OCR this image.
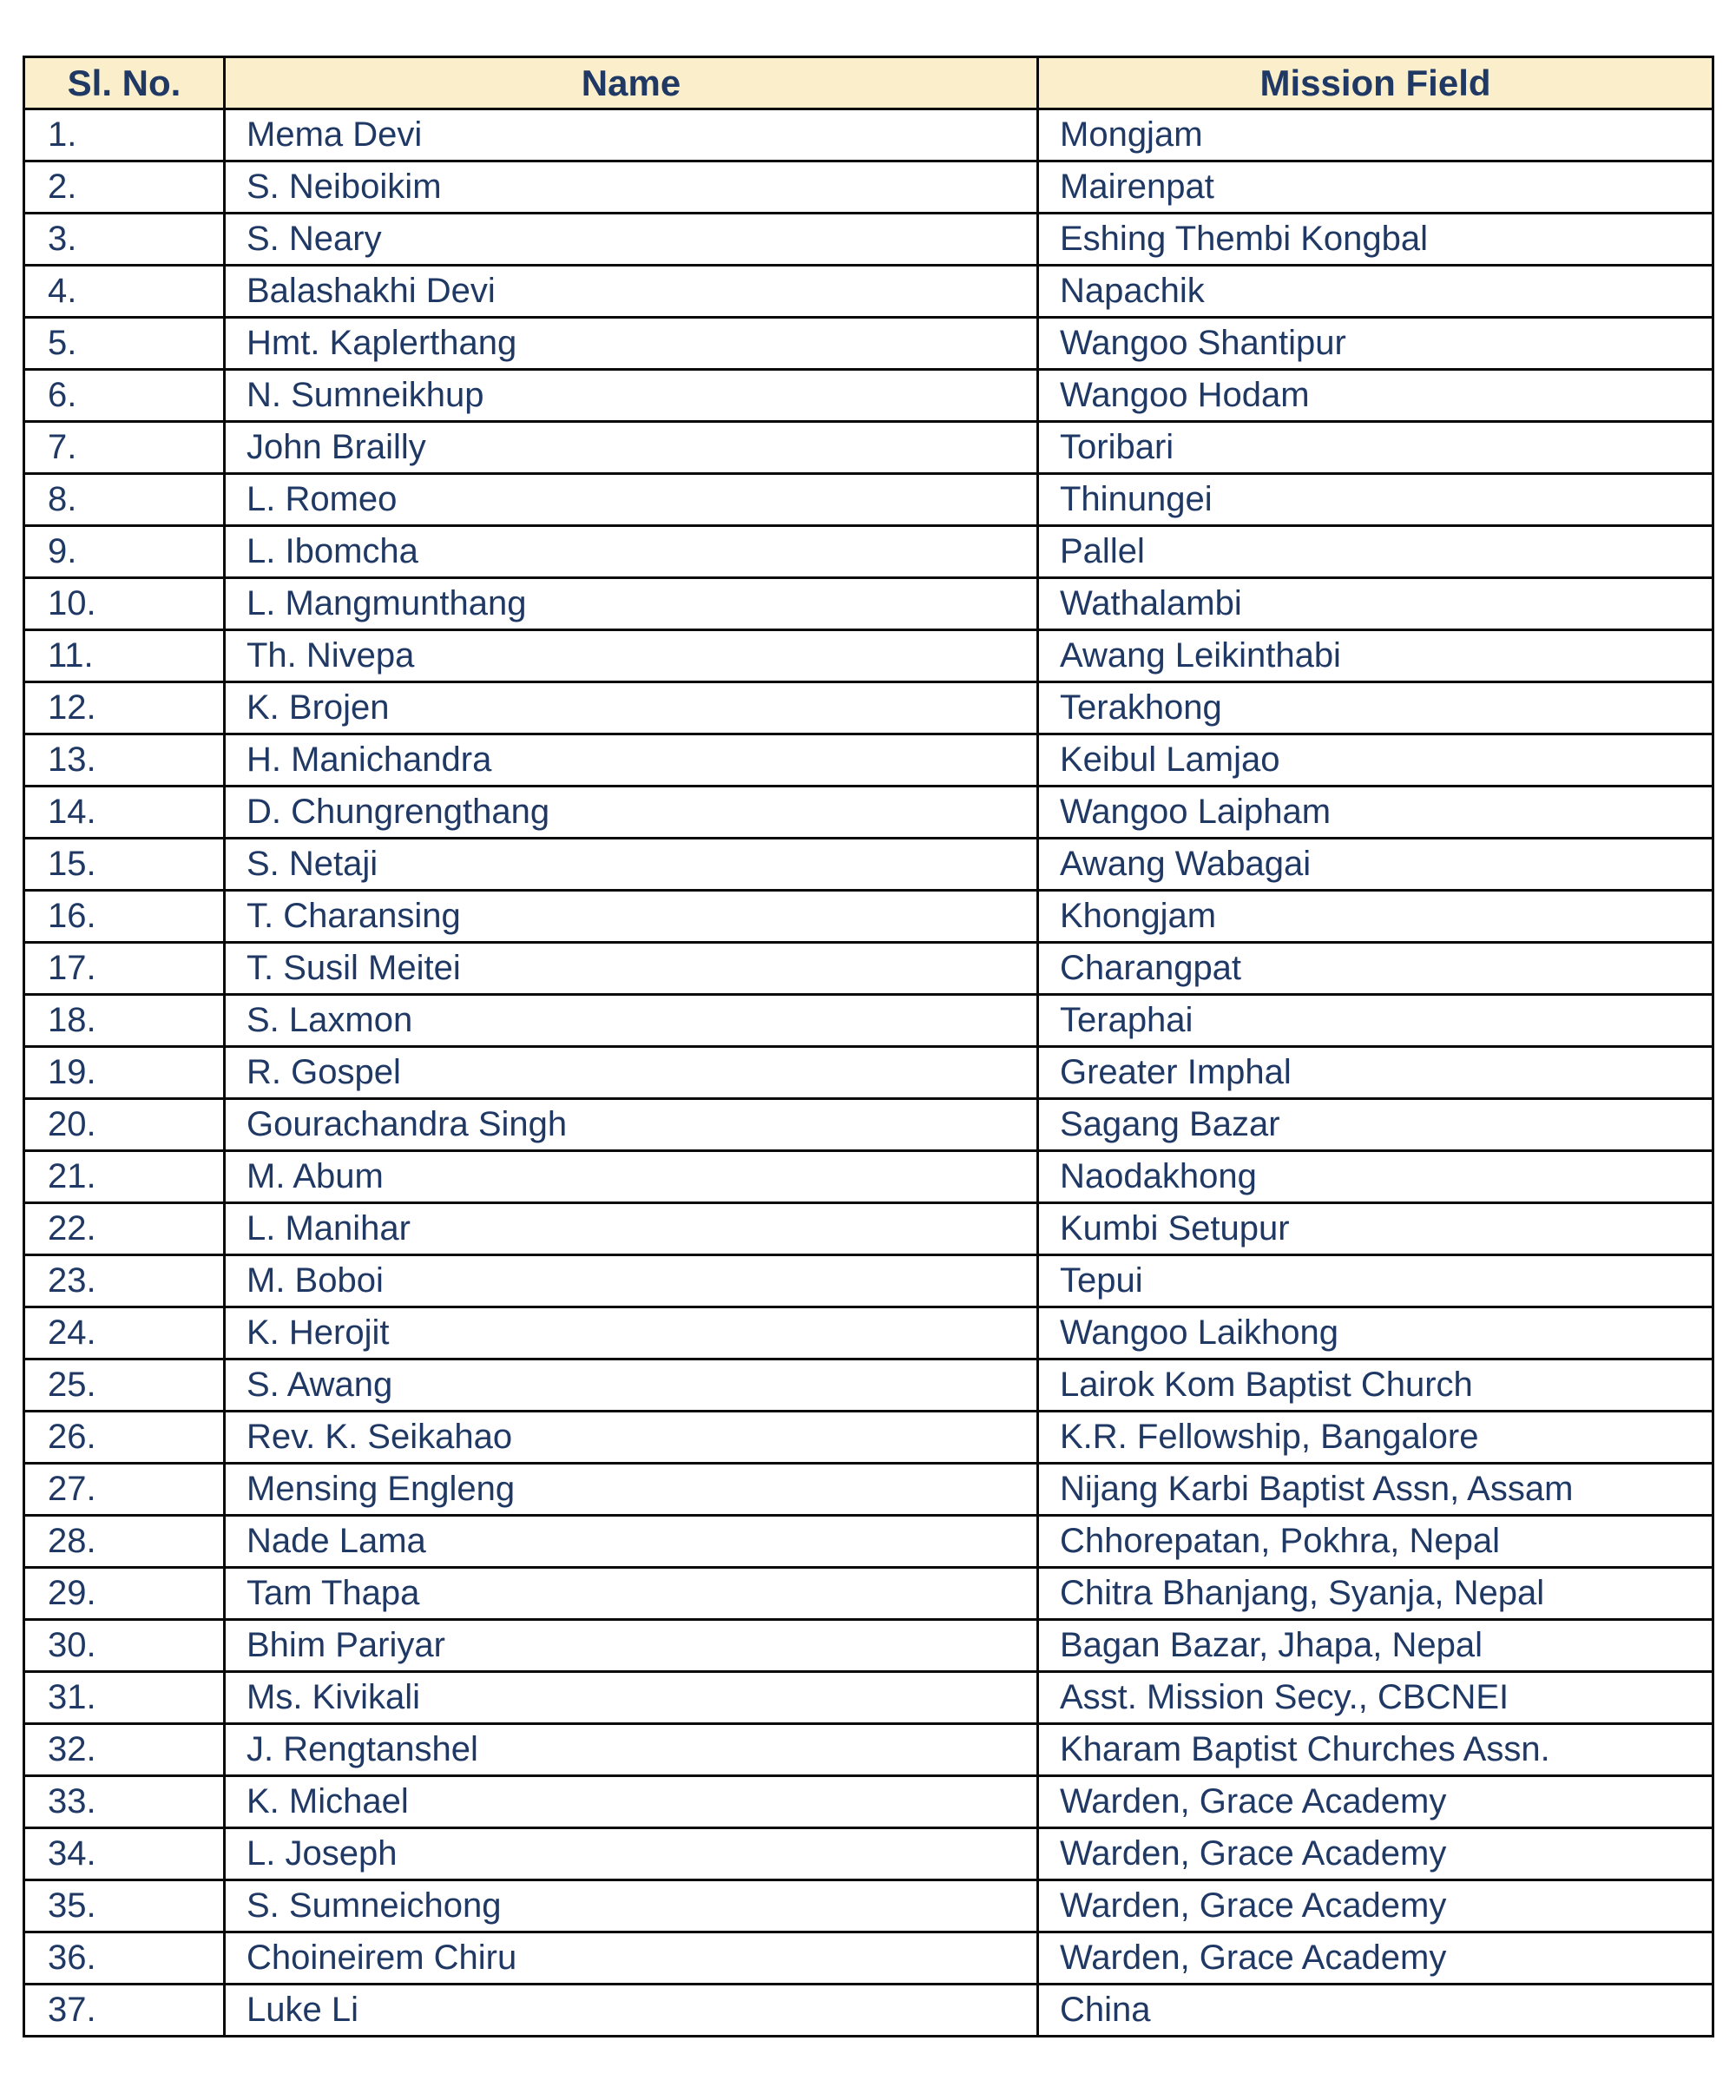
Sl. No.	Name	Mission Field
1.	Mema Devi	Mongjam
2.	S. Neiboikim	Mairenpat
3.	S. Neary	Eshing Thembi Kongbal
4.	Balashakhi Devi	Napachik
5.	Hmt. Kaplerthang	Wangoo Shantipur
6.	N. Sumneikhup	Wangoo Hodam
7.	John Brailly	Toribari
8.	L. Romeo	Thinungei
9.	L. Ibomcha	Pallel
10.	L. Mangmunthang	Wathalambi
11.	Th. Nivepa	Awang Leikinthabi
12.	K. Brojen	Terakhong
13.	H. Manichandra	Keibul Lamjao
14.	D. Chungrengthang	Wangoo Laipham
15.	S. Netaji	Awang Wabagai
16.	T. Charansing	Khongjam
17.	T. Susil Meitei	Charangpat
18.	S. Laxmon	Teraphai
19.	R. Gospel	Greater Imphal
20.	Gourachandra Singh	Sagang Bazar
21.	M. Abum	Naodakhong
22.	L. Manihar	Kumbi Setupur
23.	M. Boboi	Tepui
24.	K. Herojit	Wangoo Laikhong
25.	S. Awang	Lairok Kom Baptist Church
26.	Rev. K. Seikahao	K.R. Fellowship, Bangalore
27.	Mensing Engleng	Nijang Karbi Baptist Assn, Assam
28.	Nade Lama	Chhorepatan, Pokhra, Nepal
29.	Tam Thapa	Chitra Bhanjang, Syanja, Nepal
30.	Bhim Pariyar	Bagan Bazar, Jhapa, Nepal
31.	Ms. Kivikali	Asst. Mission Secy., CBCNEI
32.	J. Rengtanshel	Kharam Baptist Churches Assn.
33.	K. Michael	Warden, Grace Academy
34.	L. Joseph	Warden, Grace Academy
35.	S. Sumneichong	Warden, Grace Academy
36.	Choineirem Chiru	Warden, Grace Academy
37.	Luke Li	China
